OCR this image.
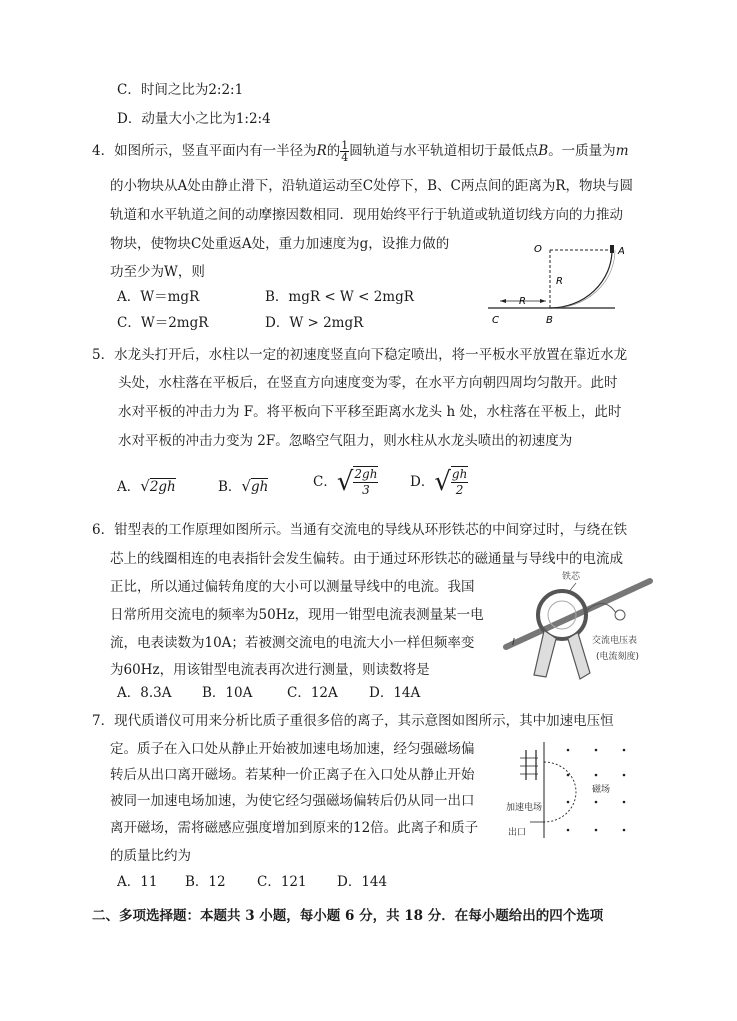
C．时间之比为2:2:1
D．动量大小之比为1:2:4
4．如图所示，竖直平面内有一半径为R的 $\frac{1}{4}$ 圆轨道与水平轨道相切于最低点B。一质量为m
的小物块从A处由静止滑下，沿轨道运动至C处停下，B、C两点间的距离为R，物块与圆
轨道和水平轨道之间的动摩擦因数相同．现用始终平行于轨道或轨道切线方向的力推动
物块，使物块C处重返A处，重力加速度为g，设推力做的
功至少为W，则
A．W＝mgR	B．mgR < W < 2mgR
C．W＝2mgR	D．W > 2mgR
O	A
R
R
C	B
5．水龙头打开后，水柱以一定的初速度竖直向下稳定喷出，将一平板水平放置在靠近水龙
头处，水柱落在平板后，在竖直方向速度变为零，在水平方向朝四周均匀散开。此时
水对平板的冲击力为 F。将平板向下平移至距离水龙头 h 处，水柱落在平板上，此时
水对平板的冲击力变为 2F。忽略空气阻力，则水柱从水龙头喷出的初速度为
A．√2gh	B．√gh	C．√ $\frac{2gh}{3}$ D．√ $\frac{gh}{2}$
6．钳型表的工作原理如图所示。当通有交流电的导线从环形铁芯的中间穿过时，与绕在铁
芯上的线圈相连的电表指针会发生偏转。由于通过环形铁芯的磁通量与导线中的电流成
正比，所以通过偏转角度的大小可以测量导线中的电流。我国
日常所用交流电的频率为50Hz，现用一钳型电流表测量某一电
流，电表读数为10A；若被测交流电的电流大小一样但频率变
为60Hz，用该钳型电流表再次进行测量，则读数将是
A．8.3A B．10A	C．12A D．14A
铁芯
I	交流电压表
(电流刻度)
7．现代质谱仪可用来分析比质子重很多倍的离子，其示意图如图所示，其中加速电压恒
定。质子在入口处从静止开始被加速电场加速，经匀强磁场偏
转后从出口离开磁场。若某种一价正离子在入口处从静止开始
被同一加速电场加速，为使它经匀强磁场偏转后仍从同一出口
离开磁场，需将磁感应强度增加到原来的12倍。此离子和质子
的质量比约为
A．11 B．12 C．121 D．144
加速电场
出口
磁场
二、多项选择题：本题共 3 小题，每小题 6 分，共 18 分．在每小题给出的四个选项
